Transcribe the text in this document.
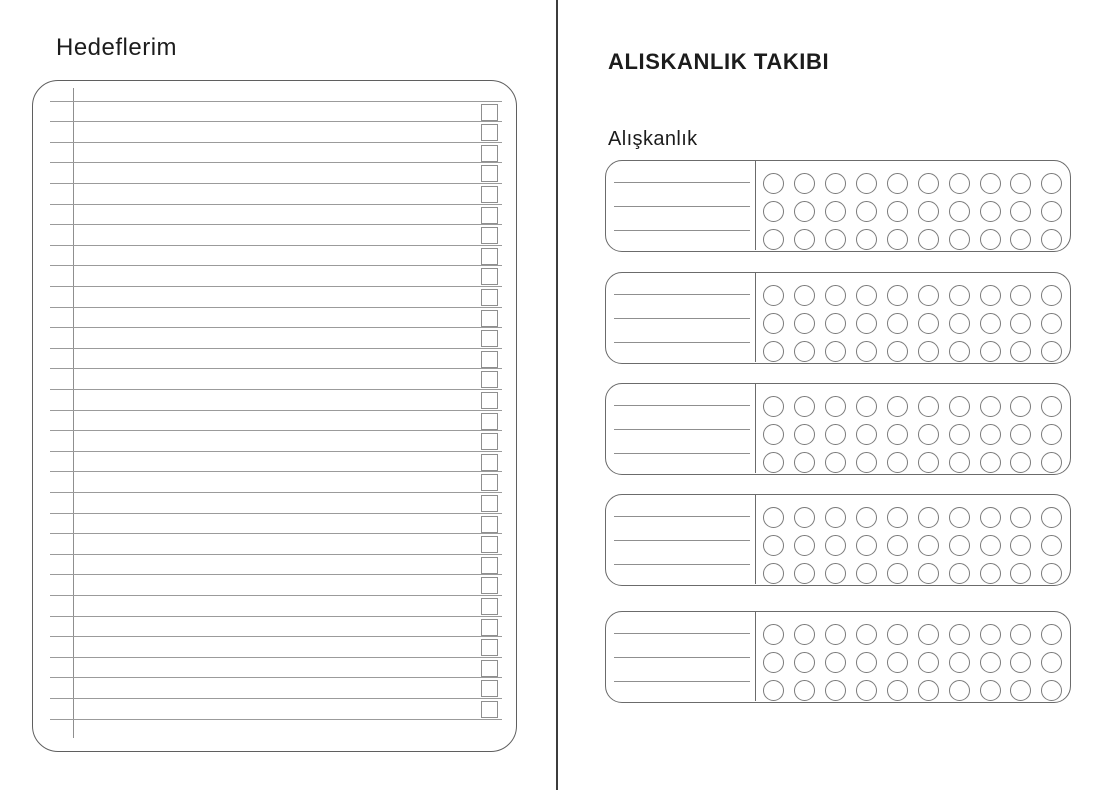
Hedeflerim
ALISKANLIK TAKIBI
Alışkanlık
